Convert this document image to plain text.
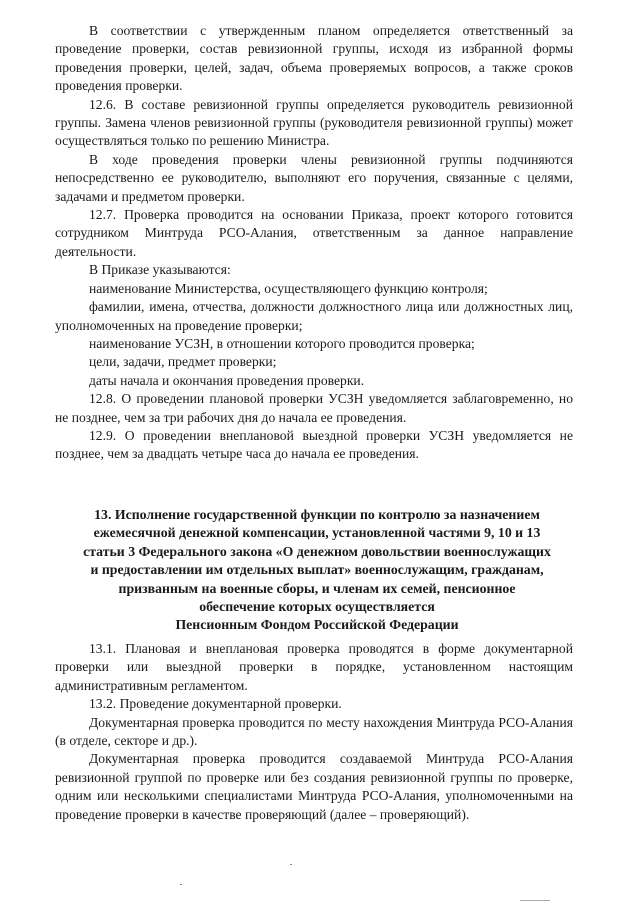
В соответствии с утвержденным планом определяется ответственный за проведение проверки, состав ревизионной группы, исходя из избранной формы проведения проверки, целей, задач, объема проверяемых вопросов, а также сроков проведения проверки.

12.6. В составе ревизионной группы определяется руководитель ревизионной группы. Замена членов ревизионной группы (руководителя ревизионной группы) может осуществляться только по решению Министра.

В ходе проведения проверки члены ревизионной группы подчиняются непосредственно ее руководителю, выполняют его поручения, связанные с целями, задачами и предметом проверки.

12.7. Проверка проводится на основании Приказа, проект которого готовится сотрудником Минтруда РСО-Алания, ответственным за данное направление деятельности.

В Приказе указываются:

наименование Министерства, осуществляющего функцию контроля;

фамилии, имена, отчества, должности должностного лица или должностных лиц, уполномоченных на проведение проверки;

наименование УСЗН, в отношении которого проводится проверка;

цели, задачи, предмет проверки;

даты начала и окончания проведения проверки.

12.8. О проведении плановой проверки УСЗН уведомляется заблаговременно, но не позднее, чем за три рабочих дня до начала ее проведения.

12.9. О проведении внеплановой выездной проверки УСЗН уведомляется не позднее, чем за двадцать четыре часа до начала ее проведения.

13. Исполнение государственной функции по контролю за назначением
ежемесячной денежной компенсации, установленной частями 9, 10 и 13
статьи 3 Федерального закона «О денежном довольствии военнослужащих
и предоставлении им отдельных выплат» военнослужащим, гражданам,
призванным на военные сборы, и членам их семей, пенсионное
обеспечение которых осуществляется
Пенсионным Фондом Российской Федерации

13.1. Плановая и внеплановая проверка проводятся в форме документарной проверки или выездной проверки в порядке, установленном настоящим административным регламентом.

13.2. Проведение документарной проверки.

Документарная проверка проводится по месту нахождения Минтруда РСО-Алания (в отделе, секторе и др.).

Документарная проверка проводится создаваемой Минтруда РСО-Алания ревизионной группой по проверке или без создания ревизионной группы по проверке, одним или несколькими специалистами Минтруда РСО-Алания, уполномоченными на проведение проверки в качестве проверяющий (далее – проверяющий).
